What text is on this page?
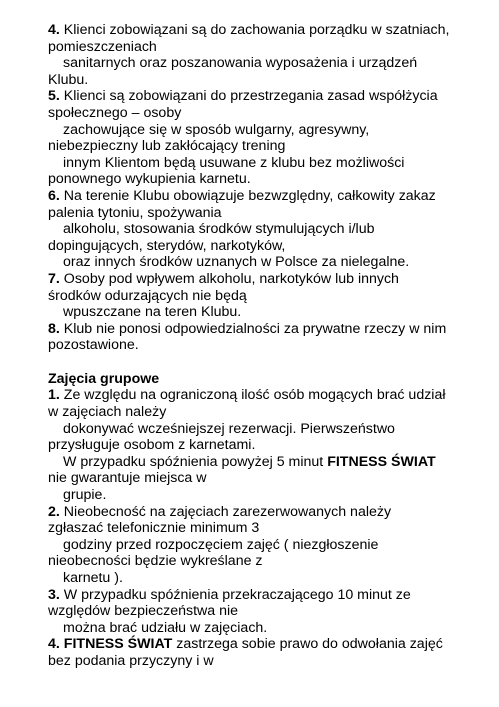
4. Klienci zobowiązani są do zachowania porządku w szatniach,
pomieszczeniach
sanitarnych oraz poszanowania wyposażenia i urządzeń
Klubu.
5. Klienci są zobowiązani do przestrzegania zasad współżycia
społecznego – osoby
zachowujące się w sposób wulgarny, agresywny,
niebezpieczny lub zakłócający trening
innym Klientom będą usuwane z klubu bez możliwości
ponownego wykupienia karnetu.
6. Na terenie Klubu obowiązuje bezwzględny, całkowity zakaz
palenia tytoniu, spożywania
alkoholu, stosowania środków stymulujących i/lub
dopingujących, sterydów, narkotyków,
oraz innych środków uznanych w Polsce za nielegalne.
7. Osoby pod wpływem alkoholu, narkotyków lub innych
środków odurzających nie będą
wpuszczane na teren Klubu.
8. Klub nie ponosi odpowiedzialności za prywatne rzeczy w nim
pozostawione.
Zajęcia grupowe
1. Ze względu na ograniczoną ilość osób mogących brać udział
w zajęciach należy
dokonywać wcześniejszej rezerwacji. Pierwszeństwo
przysługuje osobom z karnetami.
W przypadku spóźnienia powyżej 5 minut FITNESS ŚWIAT
nie gwarantuje miejsca w
grupie.
2. Nieobecność na zajęciach zarezerwowanych należy
zgłaszać telefonicznie minimum 3
godziny przed rozpoczęciem zajęć ( niezgłoszenie
nieobecności będzie wykreślane z
karnetu ).
3. W przypadku spóźnienia przekraczającego 10 minut ze
względów bezpieczeństwa nie
można brać udziału w zajęciach.
4. FITNESS ŚWIAT zastrzega sobie prawo do odwołania zajęć
bez podania przyczyny i w
